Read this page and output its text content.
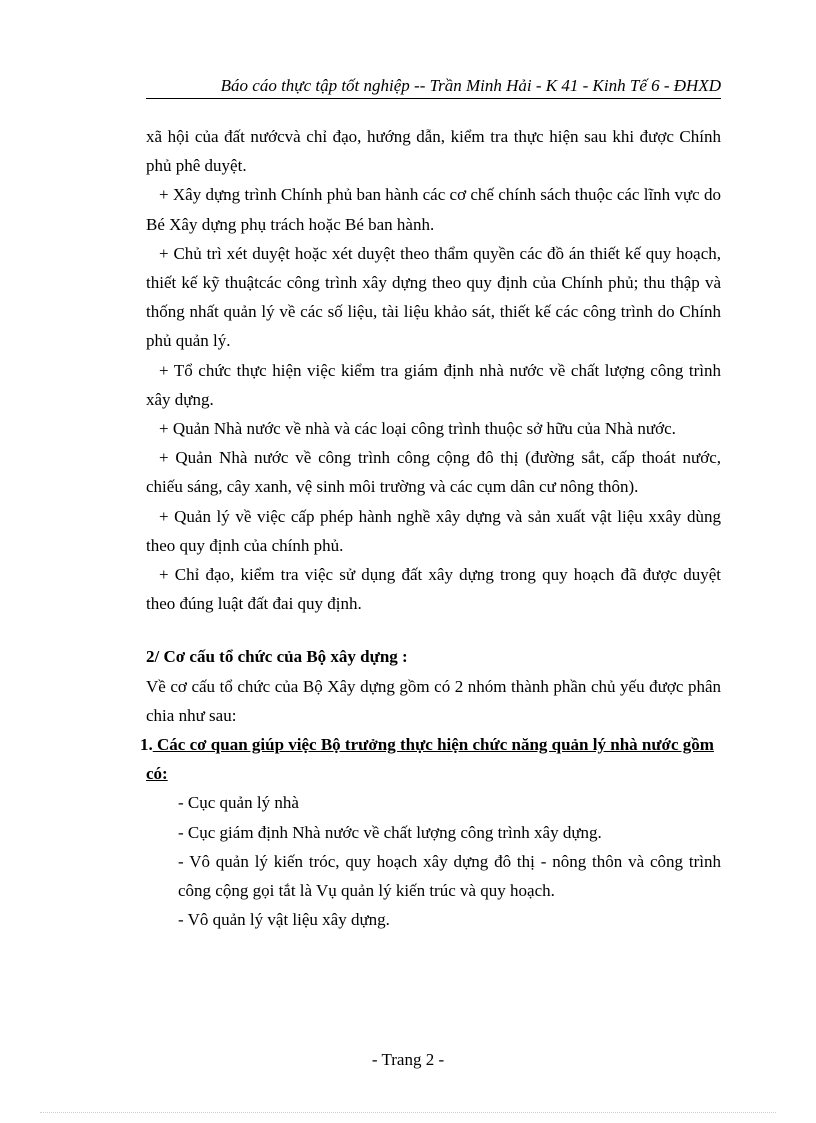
Báo cáo thực tập tốt nghiệp -- Trần Minh Hải - K 41 - Kinh Tế 6 - ĐHXD
xã hội của đất nướcvà chỉ đạo, hướng dẫn, kiểm tra thực hiện sau khi được Chính phủ phê duyệt.
+ Xây dựng trình Chính phủ ban hành các cơ chế chính sách thuộc các lĩnh vực do Bé Xây dựng phụ trách hoặc Bé ban hành.
+ Chủ trì xét duyệt hoặc xét duyệt theo thẩm quyền các đồ án thiết kế quy hoạch, thiết kế kỹ thuậtcác công trình xây dựng theo quy định của Chính phủ; thu thập và thống nhất quản lý về các số liệu, tài liệu khảo sát, thiết kế các công trình do Chính phủ quản lý.
+ Tổ chức thực hiện việc kiểm tra giám định nhà nước về chất lượng công trình xây dựng.
+ Quản Nhà nước về nhà và các loại công trình thuộc sở hữu của Nhà nước.
+ Quản Nhà nước về công trình công cộng đô thị (đường sắt, cấp thoát nước, chiếu sáng, cây xanh, vệ sinh môi trường và các cụm dân cư nông thôn).
+ Quản lý về việc cấp phép hành nghề xây dựng và sản xuất vật liệu xxây dùng theo quy định của chính phủ.
+ Chỉ đạo, kiểm tra việc sử dụng đất xây dựng trong quy hoạch đã được duyệt theo đúng luật đất đai quy định.
2/ Cơ cấu tổ chức của Bộ xây dựng :
Về cơ cấu tổ chức của Bộ Xây dựng gồm có 2 nhóm thành phần chủ yếu được phân chia như sau:
1. Các cơ quan giúp việc Bộ trưởng thực hiện chức năng quản lý nhà nước gồm có:
- Cục quản lý nhà
- Cục giám định Nhà nước về chất lượng công trình xây dựng.
- Vô quản lý kiến tróc, quy hoạch xây dựng đô thị - nông thôn và công trình công cộng gọi tắt là Vụ quản lý kiến trúc và quy hoạch.
- Vô quản lý vật liệu xây dựng.
- Trang 2 -
